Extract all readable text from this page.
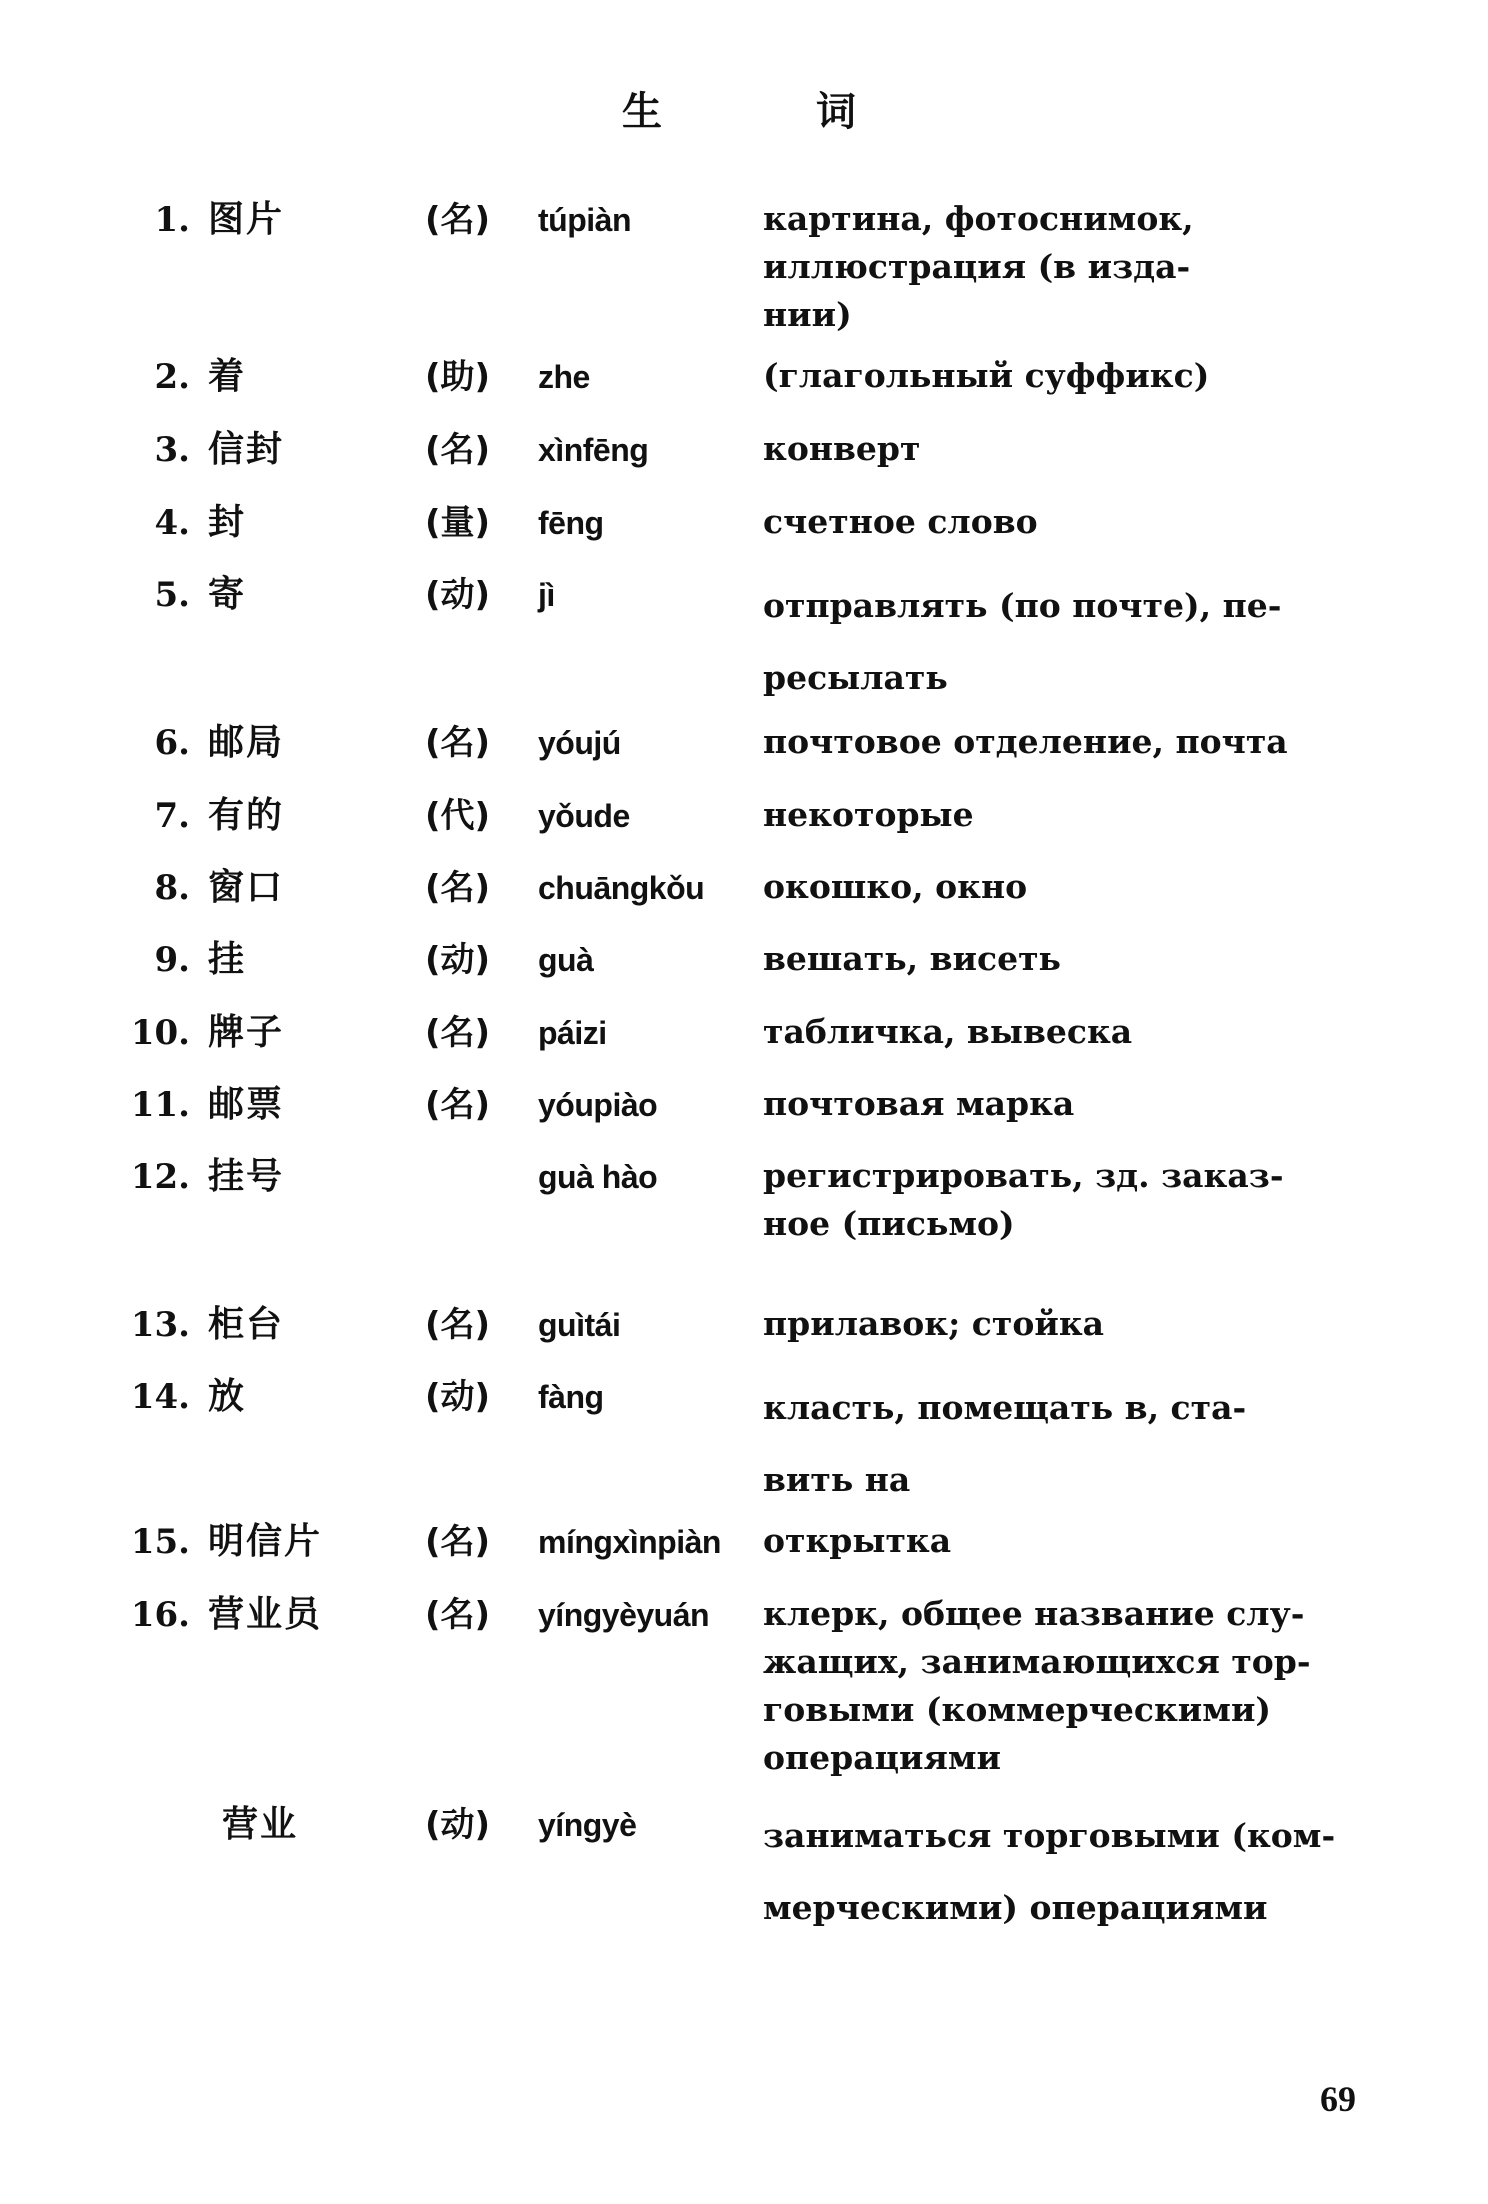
生 词
1. 图片	(名) túpiàn	картина, фотоснимок,
иллюстрация (в изда-
нии)
2. 着	(助) zhe	(глагольный суффикс)
3. 信封	(名) xìnfēng	конверт
4. 封	(量) fēng	счетное слово
5. 寄	(动) jì	отправлять (по почте), пе-
ресылать
6. 邮局	(名) yóujú	почтовое отделение, почта
7. 有的	(代) yǒude	некоторые
8. 窗口	(名) chuāngkǒu окошко, окно
9. 挂	(动) guà	вешать, висеть
10. 牌子	(名) páizi	табличка, вывеска
11. 邮票	(名) yóupiào	почтовая марка
12. 挂号	guà hào	регистрировать, зд. заказ-
ное (письмо)
13. 柜台	(名) guìtái	прилавок; стойка
14. 放	(动) fàng	класть, помещать в, ста-
вить на
15. 明信片	(名) míngxìnpiàn открытка
16. 营业员	(名) yíngyèyuán клерк, общее название слу-
жащих, занимающихся тор-
говыми (коммерческими)
операциями
营业	(动) yíngyè	заниматься торговыми (ком-
мерческими) операциями
69
